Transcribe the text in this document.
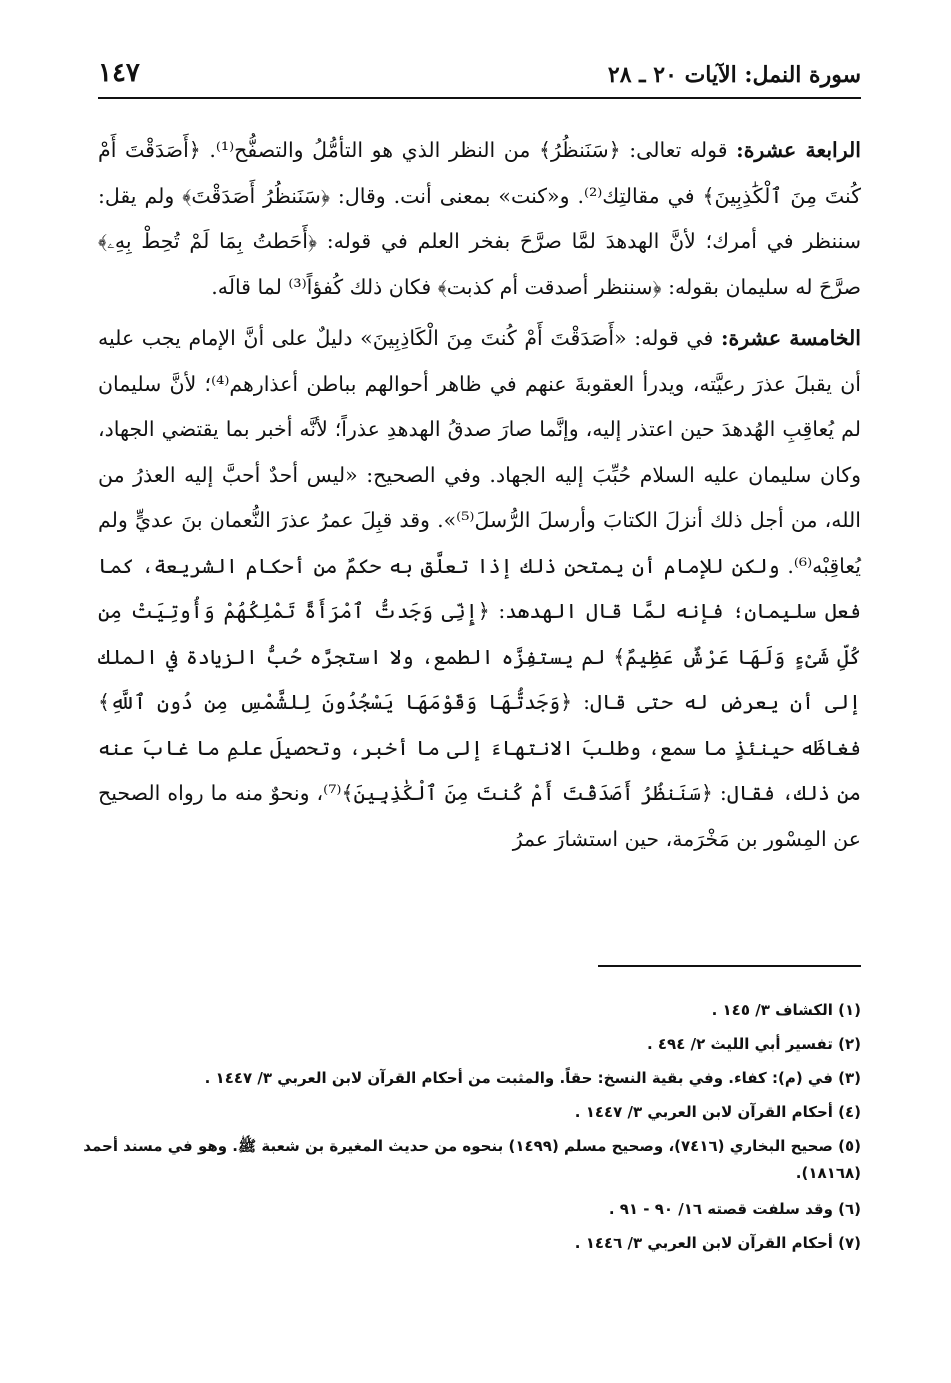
سورة النمل: الآيات ٢٠ ـ ٢٨
١٤٧

الرابعة عشرة: قوله تعالى: ﴿سَنَنظُرُ﴾ من النظر الذي هو التأمُّلُ والتصفُّح⁽¹⁾. ﴿أَصَدَقْتَ أَمْ كُنتَ مِنَ ٱلْكَٰذِبِينَ﴾ في مقالتِك⁽²⁾. و«كنت» بمعنى أنت. وقال: ﴿سَنَنظُرُ أَصَدَقْتَ﴾ ولم يقل: سننظر في أمرك؛ لأنَّ الهدهدَ لمَّا صرَّحَ بفخر العلم في قوله: ﴿أَحَطتُ بِمَا لَمْ تُحِطْ بِهِۦ﴾ صرَّحَ له سليمان بقوله: ﴿سننظر أصدقت أم كذبت﴾ فكان ذلك كُفؤاً⁽³⁾ لما قالَه.

الخامسة عشرة: في قوله: «أَصَدَقْتَ أَمْ كُنتَ مِنَ الْكَاذِبِينَ» دليلٌ على أنَّ الإمام يجب عليه أن يقبلَ عذرَ رعيَّته، ويدرأ العقوبةَ عنهم في ظاهر أحوالهم بباطن أعذارهم⁽⁴⁾؛ لأنَّ سليمان لم يُعاقِبِ الهُدهدَ حين اعتذر إليه، وإنَّما صارَ صدقُ الهدهدِ عذراً؛ لأنَّه أخبر بما يقتضي الجهاد، وكان سليمان عليه السلام حُبِّبَ إليه الجهاد. وفي الصحيح: «ليس أحدٌ أحبَّ إليه العذرُ من الله، من أجل ذلك أنزلَ الكتابَ وأرسلَ الرُّسلَ⁽⁵⁾». وقد قبِلَ عمرُ عذرَ النُّعمان بنَ عديٍّ ولم يُعاقِبْه⁽⁶⁾. ولكن للإمام أن يمتحن ذلك إذا تعلَّق به حكمٌ من أحكام الشريعة، كما فعل سليمان؛ فإنه لمَّا قال الهدهد: ﴿إِنِّى وَجَدتُّ ٱمْرَأَةً تَمْلِكُهُمْ وَأُوتِيَتْ مِن كُلِّ شَىْءٍ وَلَهَا عَرْشٌ عَظِيمٌ﴾ لم يستفِزَّه الطمع، ولا استجرَّه حُبُّ الزيادة في الملك إلى أن يعرض له حتى قال: ﴿وَجَدتُّهَا وَقَوْمَهَا يَسْجُدُونَ لِلشَّمْسِ مِن دُونِ ٱللَّهِ﴾ فغاظَه حينئذٍ ما سمع، وطلبَ الانتهاءَ إلى ما أخبر، وتحصيلَ علمِ ما غابَ عنه من ذلك، فقال: ﴿سَنَنظُرُ أَصَدَقْتَ أَمْ كُنتَ مِنَ ٱلْكَٰذِبِينَ﴾⁽⁷⁾، ونحوٌ منه ما رواه الصحيح عن المِسْور بن مَخْرَمة، حين استشارَ عمرُ

(١) الكشاف ٣/ ١٤٥ .

(٢) تفسير أبي الليث ٢/ ٤٩٤ .

(٣) في (م): كفاء. وفي بقية النسخ: حقاً. والمثبت من أحكام القرآن لابن العربي ٣/ ١٤٤٧ .

(٤) أحكام القرآن لابن العربي ٣/ ١٤٤٧ .

(٥) صحيح البخاري (٧٤١٦)، وصحيح مسلم (١٤٩٩) بنحوه من حديث المغيرة بن شعبة ﷺ. وهو في مسند أحمد (١٨١٦٨).

(٦) وقد سلفت قصته ١٦/ ٩٠ - ٩١ .

(٧) أحكام القرآن لابن العربي ٣/ ١٤٤٦ .
